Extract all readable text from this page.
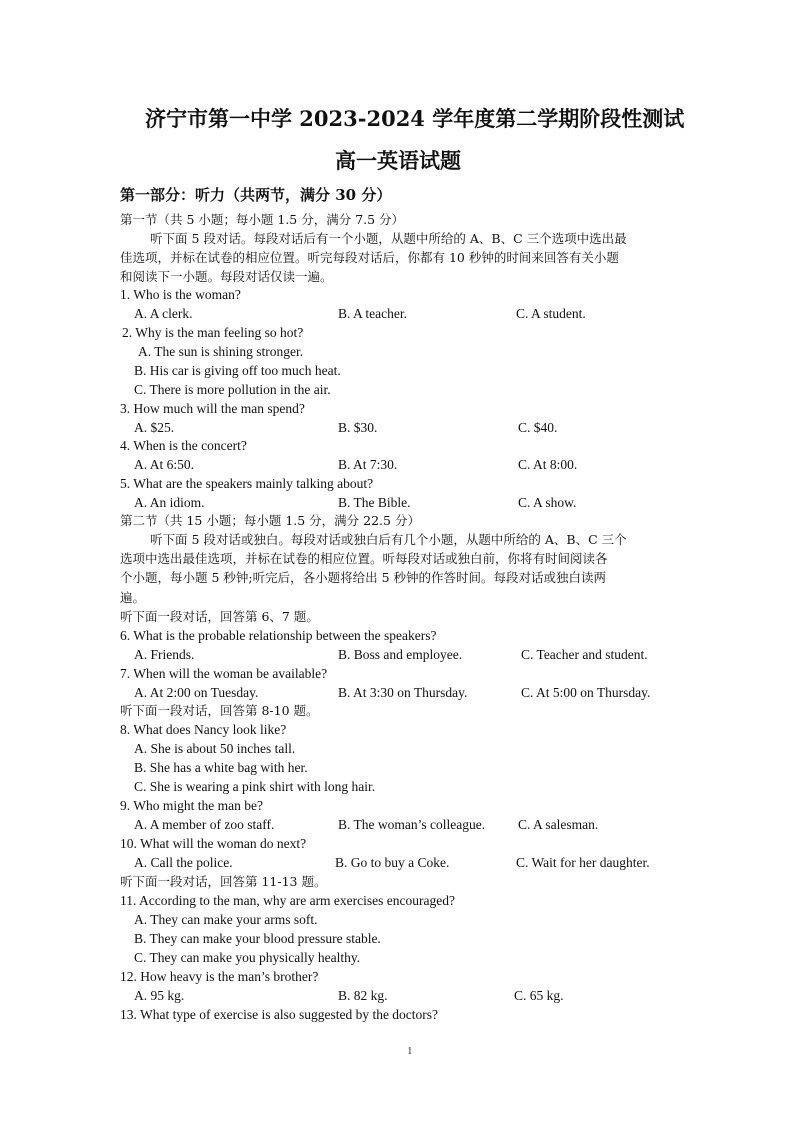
济宁市第一中学 2023-2024 学年度第二学期阶段性测试
高一英语试题
第一部分：听力（共两节，满分 30 分）
第一节（共 5 小题；每小题 1.5 分，满分 7.5 分）
听下面 5 段对话。每段对话后有一个小题，从题中所给的 A、B、C 三个选项中选出最
佳选项，并标在试卷的相应位置。听完每段对话后，你都有 10 秒钟的时间来回答有关小题
和阅读下一小题。每段对话仅读一遍。
1. Who is the woman?
A. A clerk.	B. A teacher.	C. A student.
2. Why is the man feeling so hot?
A. The sun is shining stronger.
B. His car is giving off too much heat.
C. There is more pollution in the air.
3. How much will the man spend?
A. $25.	B. $30.	C. $40.
4. When is the concert?
A. At 6:50.	B. At 7:30.	C. At 8:00.
5. What are the speakers mainly talking about?
A. An idiom.	B. The Bible.	C. A show.
第二节（共 15 小题；每小题 1.5 分，满分 22.5 分）
听下面 5 段对话或独白。每段对话或独白后有几个小题，从题中所给的 A、B、C 三个
选项中选出最佳选项，并标在试卷的相应位置。听每段对话或独白前，你将有时间阅读各
个小题，每小题 5 秒钟;听完后，各小题将给出 5 秒钟的作答时间。每段对话或独白读两
遍。
听下面一段对话，回答第 6、7 题。
6. What is the probable relationship between the speakers?
A. Friends.	B. Boss and employee.	C. Teacher and student.
7. When will the woman be available?
A. At 2:00 on Tuesday.	B. At 3:30 on Thursday.	C. At 5:00 on Thursday.
听下面一段对话，回答第 8-10 题。
8. What does Nancy look like?
A. She is about 50 inches tall.
B. She has a white bag with her.
C. She is wearing a pink shirt with long hair.
9. Who might the man be?
A. A member of zoo staff.	B. The woman’s colleague. C. A salesman.
10. What will the woman do next?
A. Call the police.	B. Go to buy a Coke.	C. Wait for her daughter.
听下面一段对话，回答第 11-13 题。
11. According to the man, why are arm exercises encouraged?
A. They can make your arms soft.
B. They can make your blood pressure stable.
C. They can make you physically healthy.
12. How heavy is the man’s brother?
A. 95 kg.	B. 82 kg.	C. 65 kg.
13. What type of exercise is also suggested by the doctors?
1
